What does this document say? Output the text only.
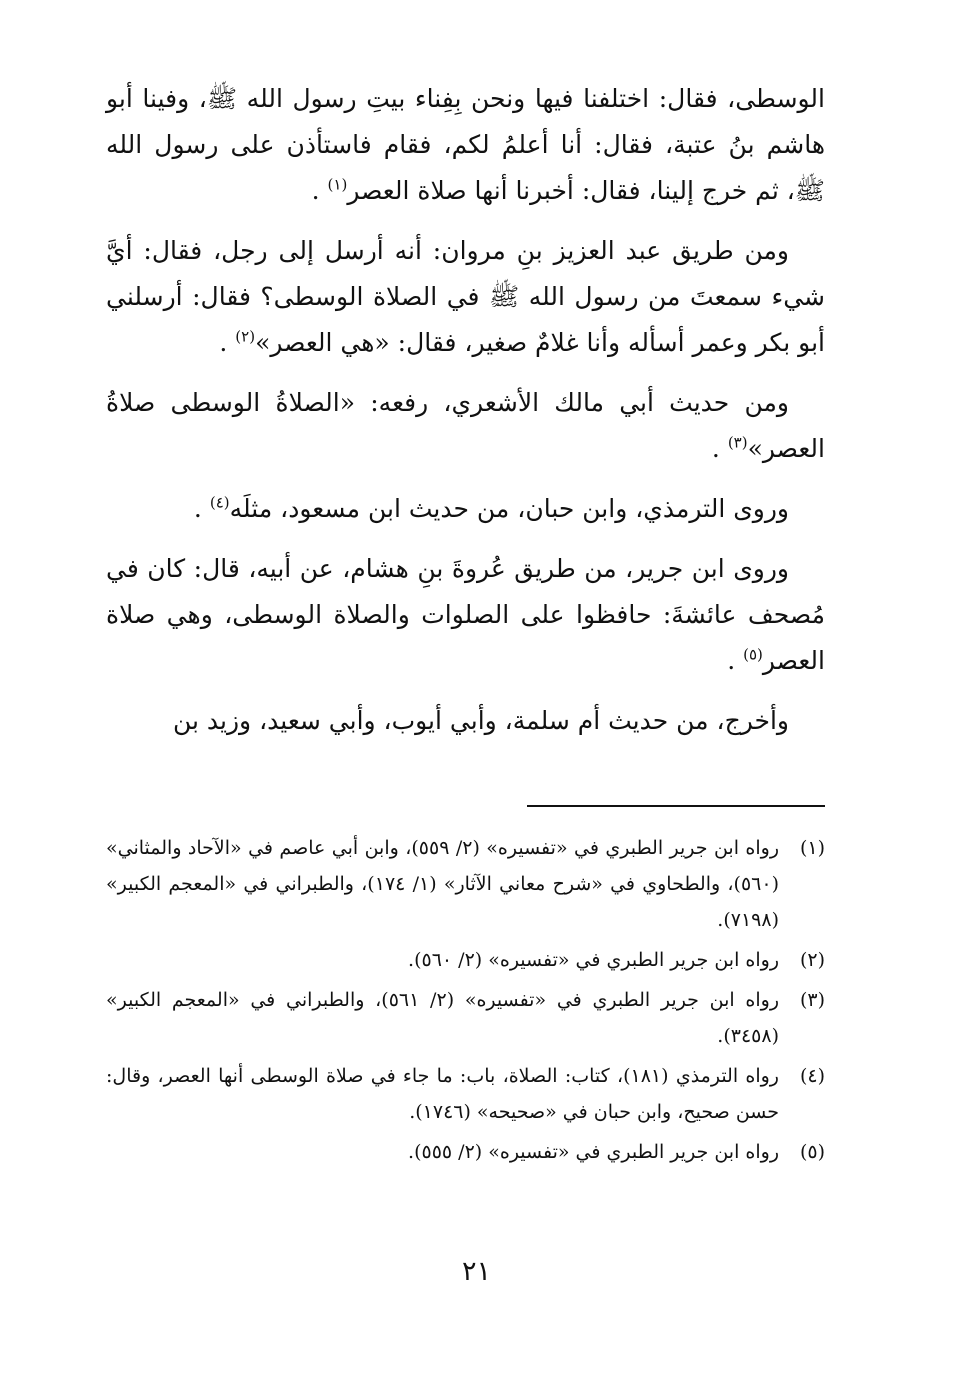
الوسطى، فقال: اختلفنا فيها ونحن بِفِناء بيتِ رسول الله ﷺ، وفينا أبو هاشم بنُ عتبة، فقال: أنا أعلمُ لكم، فقام فاستأذن على رسول الله ﷺ، ثم خرج إلينا، فقال: أخبرنا أنها صلاة العصر$^{(١)}$ .

ومن طريق عبد العزيز بنِ مروان: أنه أرسل إلى رجل، فقال: أيَّ شيء سمعتَ من رسول الله ﷺ في الصلاة الوسطى؟ فقال: أرسلني أبو بكر وعمر أسأله وأنا غلامٌ صغير، فقال: «هي العصر»$^{(٢)}$ .

ومن حديث أبي مالك الأشعري، رفعه: «الصلاةُ الوسطى صلاةُ العصر»$^{(٣)}$ .

وروى الترمذي، وابن حبان، من حديث ابن مسعود، مثلَه$^{(٤)}$ .

وروى ابن جرير، من طريق عُروةَ بنِ هشام، عن أبيه، قال: كان في مُصحف عائشةَ: حافظوا على الصلوات والصلاة الوسطى، وهي صلاة العصر$^{(٥)}$ .

وأخرج، من حديث أم سلمة، وأبي أيوب، وأبي سعيد، وزيد بن

(١)
رواه ابن جرير الطبري في «تفسيره» (٢/ ٥٥٩)، وابن أبي عاصم في «الآحاد والمثاني» (٥٦٠)، والطحاوي في «شرح معاني الآثار» (١/ ١٧٤)، والطبراني في «المعجم الكبير» (٧١٩٨).

(٢)
رواه ابن جرير الطبري في «تفسيره» (٢/ ٥٦٠).

(٣)
رواه ابن جرير الطبري في «تفسيره» (٢/ ٥٦١)، والطبراني في «المعجم الكبير» (٣٤٥٨).

(٤)
رواه الترمذي (١٨١)، كتاب: الصلاة، باب: ما جاء في صلاة الوسطى أنها العصر، وقال: حسن صحيح، وابن حبان في «صحيحه» (١٧٤٦).

(٥)
رواه ابن جرير الطبري في «تفسيره» (٢/ ٥٥٥).

٢١
